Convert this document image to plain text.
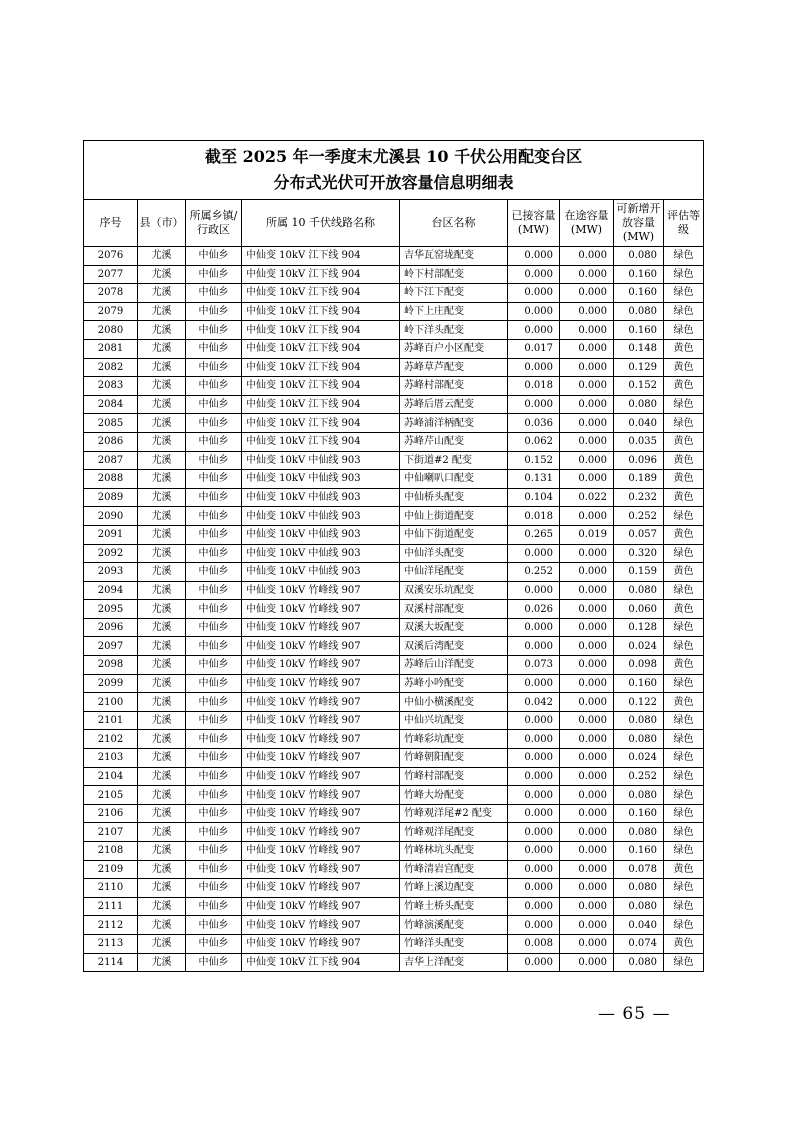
截至 2025 年一季度末尤溪县 10 千伏公用配变台区
分布式光伏可开放容量信息明细表								

序号	县（市）	所属乡镇/行政区	所属 10 千伏线路名称	台区名称	已接容量(MW)	在途容量(MW)	可新增开放容量(MW)	评估等级
2076	尤溪	中仙乡	中仙变 10kV 江下线 904	吉华瓦窑垅配变	0.000	0.000	0.080	绿色
2077	尤溪	中仙乡	中仙变 10kV 江下线 904	岭下村部配变	0.000	0.000	0.160	绿色
2078	尤溪	中仙乡	中仙变 10kV 江下线 904	岭下江下配变	0.000	0.000	0.160	绿色
2079	尤溪	中仙乡	中仙变 10kV 江下线 904	岭下上庄配变	0.000	0.000	0.080	绿色
2080	尤溪	中仙乡	中仙变 10kV 江下线 904	岭下洋头配变	0.000	0.000	0.160	绿色
2081	尤溪	中仙乡	中仙变 10kV 江下线 904	苏峰百户小区配变	0.017	0.000	0.148	黄色
2082	尤溪	中仙乡	中仙变 10kV 江下线 904	苏峰草芦配变	0.000	0.000	0.129	黄色
2083	尤溪	中仙乡	中仙变 10kV 江下线 904	苏峰村部配变	0.018	0.000	0.152	黄色
2084	尤溪	中仙乡	中仙变 10kV 江下线 904	苏峰后厝云配变	0.000	0.000	0.080	绿色
2085	尤溪	中仙乡	中仙变 10kV 江下线 904	苏峰浦洋柄配变	0.036	0.000	0.040	绿色
2086	尤溪	中仙乡	中仙变 10kV 江下线 904	苏峰芹山配变	0.062	0.000	0.035	黄色
2087	尤溪	中仙乡	中仙变 10kV 中仙线 903	下街道#2 配变	0.152	0.000	0.096	黄色
2088	尤溪	中仙乡	中仙变 10kV 中仙线 903	中仙喇叭口配变	0.131	0.000	0.189	黄色
2089	尤溪	中仙乡	中仙变 10kV 中仙线 903	中仙桥头配变	0.104	0.022	0.232	黄色
2090	尤溪	中仙乡	中仙变 10kV 中仙线 903	中仙上街道配变	0.018	0.000	0.252	绿色
2091	尤溪	中仙乡	中仙变 10kV 中仙线 903	中仙下街道配变	0.265	0.019	0.057	黄色
2092	尤溪	中仙乡	中仙变 10kV 中仙线 903	中仙洋头配变	0.000	0.000	0.320	绿色
2093	尤溪	中仙乡	中仙变 10kV 中仙线 903	中仙洋尾配变	0.252	0.000	0.159	黄色
2094	尤溪	中仙乡	中仙变 10kV 竹峰线 907	双溪安乐坑配变	0.000	0.000	0.080	绿色
2095	尤溪	中仙乡	中仙变 10kV 竹峰线 907	双溪村部配变	0.026	0.000	0.060	黄色
2096	尤溪	中仙乡	中仙变 10kV 竹峰线 907	双溪大坂配变	0.000	0.000	0.128	绿色
2097	尤溪	中仙乡	中仙变 10kV 竹峰线 907	双溪后湾配变	0.000	0.000	0.024	绿色
2098	尤溪	中仙乡	中仙变 10kV 竹峰线 907	苏峰后山洋配变	0.073	0.000	0.098	黄色
2099	尤溪	中仙乡	中仙变 10kV 竹峰线 907	苏峰小吟配变	0.000	0.000	0.160	绿色
2100	尤溪	中仙乡	中仙变 10kV 竹峰线 907	中仙小横溪配变	0.042	0.000	0.122	黄色
2101	尤溪	中仙乡	中仙变 10kV 竹峰线 907	中仙兴坑配变	0.000	0.000	0.080	绿色
2102	尤溪	中仙乡	中仙变 10kV 竹峰线 907	竹峰彩坑配变	0.000	0.000	0.080	绿色
2103	尤溪	中仙乡	中仙变 10kV 竹峰线 907	竹峰朝阳配变	0.000	0.000	0.024	绿色
2104	尤溪	中仙乡	中仙变 10kV 竹峰线 907	竹峰村部配变	0.000	0.000	0.252	绿色
2105	尤溪	中仙乡	中仙变 10kV 竹峰线 907	竹峰大坋配变	0.000	0.000	0.080	绿色
2106	尤溪	中仙乡	中仙变 10kV 竹峰线 907	竹峰观洋尾#2 配变	0.000	0.000	0.160	绿色
2107	尤溪	中仙乡	中仙变 10kV 竹峰线 907	竹峰观洋尾配变	0.000	0.000	0.080	绿色
2108	尤溪	中仙乡	中仙变 10kV 竹峰线 907	竹峰林坑头配变	0.000	0.000	0.160	绿色
2109	尤溪	中仙乡	中仙变 10kV 竹峰线 907	竹峰清岩宫配变	0.000	0.000	0.078	黄色
2110	尤溪	中仙乡	中仙变 10kV 竹峰线 907	竹峰上溪边配变	0.000	0.000	0.080	绿色
2111	尤溪	中仙乡	中仙变 10kV 竹峰线 907	竹峰土桥头配变	0.000	0.000	0.080	绿色
2112	尤溪	中仙乡	中仙变 10kV 竹峰线 907	竹峰演溪配变	0.000	0.000	0.040	绿色
2113	尤溪	中仙乡	中仙变 10kV 竹峰线 907	竹峰洋头配变	0.008	0.000	0.074	黄色
2114	尤溪	中仙乡	中仙变 10kV 江下线 904	吉华上洋配变	0.000	0.000	0.080	绿色
— 65 —
